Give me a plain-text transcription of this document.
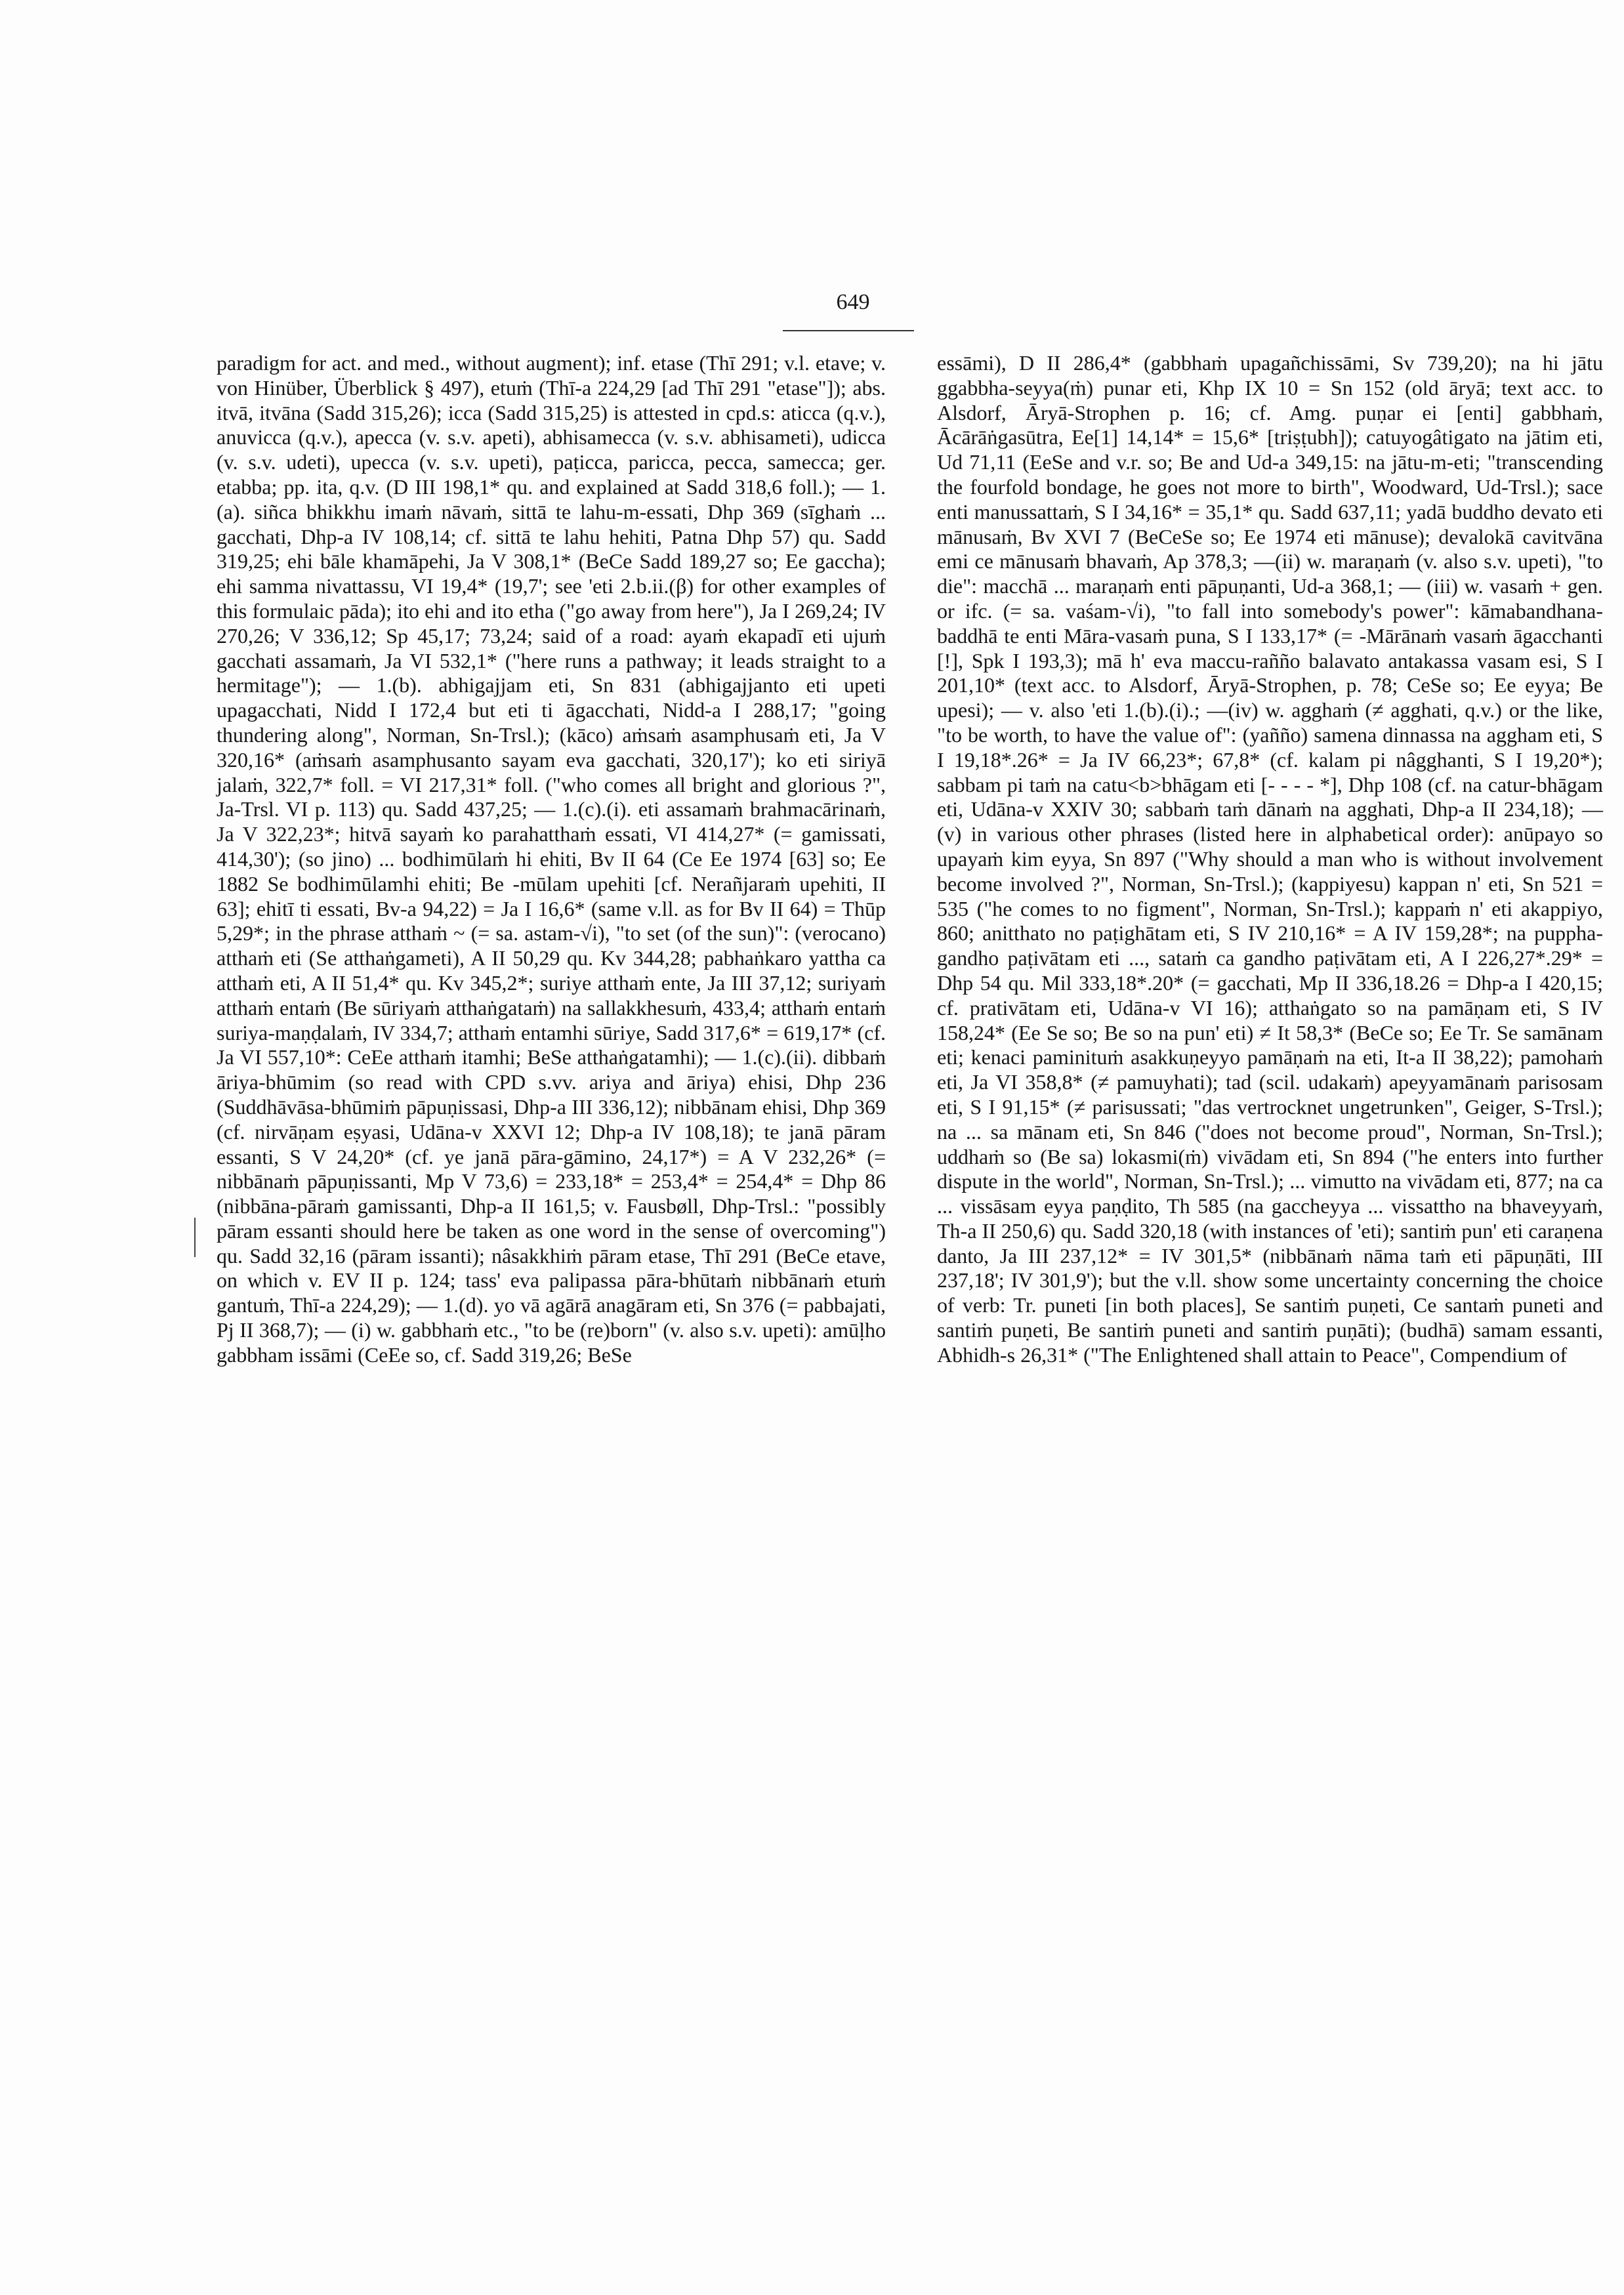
649
paradigm for act. and med., without augment); inf. etase (Thī 291; v.l. etave; v. von Hinüber, Überblick § 497), etuṁ (Thī-a 224,29 [ad Thī 291 "etase"]); abs. itvā, itvāna (Sadd 315,26); icca (Sadd 315,25) is attested in cpd.s: aticca (q.v.), anuvicca (q.v.), apecca (v. s.v. apeti), abhisamecca (v. s.v. abhisameti), udicca (v. s.v. udeti), upecca (v. s.v. upeti), paṭicca, paricca, pecca, samecca; ger. etabba; pp. ita, q.v. (D III 198,1* qu. and explained at Sadd 318,6 foll.); — 1.(a). siñca bhikkhu imaṁ nāvaṁ, sittā te lahu-m-essati, Dhp 369 (sīghaṁ ... gacchati, Dhp-a IV 108,14; cf. sittā te lahu hehiti, Patna Dhp 57) qu. Sadd 319,25; ehi bāle khamāpehi, Ja V 308,1* (BeCe Sadd 189,27 so; Ee gaccha); ehi samma nivattassu, VI 19,4* (19,7'; see 'eti 2.b.ii.(β) for other examples of this formulaic pāda); ito ehi and ito etha ("go away from here"), Ja I 269,24; IV 270,26; V 336,12; Sp 45,17; 73,24; said of a road: ayaṁ ekapadī eti ujuṁ gacchati assamaṁ, Ja VI 532,1* ("here runs a pathway; it leads straight to a hermitage"); — 1.(b). abhigajjam eti, Sn 831 (abhigajjanto eti upeti upagacchati, Nidd I 172,4 but eti ti āgacchati, Nidd-a I 288,17; "going thundering along", Norman, Sn-Trsl.); (kāco) aṁsaṁ asamphusaṁ eti, Ja V 320,16* (aṁsaṁ asamphusanto sayam eva gacchati, 320,17'); ko eti siriyā jalaṁ, 322,7* foll. = VI 217,31* foll. ("who comes all bright and glorious ?", Ja-Trsl. VI p. 113) qu. Sadd 437,25; — 1.(c).(i). eti assamaṁ brahmacārinaṁ, Ja V 322,23*; hitvā sayaṁ ko parahatthaṁ essati, VI 414,27* (= gamissati, 414,30'); (so jino) ... bodhimūlaṁ hi ehiti, Bv II 64 (Ce Ee 1974 [63] so; Ee 1882 Se bodhimūlamhi ehiti; Be -mūlam upehiti [cf. Nerañjaraṁ upehiti, II 63]; ehitī ti essati, Bv-a 94,22) = Ja I 16,6* (same v.ll. as for Bv II 64) = Thūp 5,29*; in the phrase atthaṁ ~ (= sa. astam-√i), "to set (of the sun)": (verocano) atthaṁ eti (Se atthaṅgameti), A II 50,29 qu. Kv 344,28; pabhaṅkaro yattha ca atthaṁ eti, A II 51,4* qu. Kv 345,2*; suriye atthaṁ ente, Ja III 37,12; suriyaṁ atthaṁ entaṁ (Be sūriyaṁ atthaṅgataṁ) na sallakkhesuṁ, 433,4; atthaṁ entaṁ suriya-maṇḍalaṁ, IV 334,7; atthaṁ entamhi sūriye, Sadd 317,6* = 619,17* (cf. Ja VI 557,10*: CeEe atthaṁ itamhi; BeSe atthaṅgatamhi); — 1.(c).(ii). dibbaṁ āriya-bhūmim (so read with CPD s.vv. ariya and āriya) ehisi, Dhp 236 (Suddhāvāsa-bhūmiṁ pāpuṇissasi, Dhp-a III 336,12); nibbānam ehisi, Dhp 369 (cf. nirvāṇam eṣyasi, Udāna-v XXVI 12; Dhp-a IV 108,18); te janā pāram essanti, S V 24,20* (cf. ye janā pāra-gāmino, 24,17*) = A V 232,26* (= nibbānaṁ pāpuṇissanti, Mp V 73,6) = 233,18* = 253,4* = 254,4* = Dhp 86 (nibbāna-pāraṁ gamissanti, Dhp-a II 161,5; v. Fausbøll, Dhp-Trsl.: "possibly pāram essanti should here be taken as one word in the sense of overcoming") qu. Sadd 32,16 (pāram issanti); nâsakkhiṁ pāram etase, Thī 291 (BeCe etave, on which v. EV II p. 124; tass' eva palipassa pāra-bhūtaṁ nibbānaṁ etuṁ gantuṁ, Thī-a 224,29); — 1.(d). yo vā agārā anagāram eti, Sn 376 (= pabbajati, Pj II 368,7); — (i) w. gabbhaṁ etc., "to be (re)born" (v. also s.v. upeti): amūḷho gabbham issāmi (CeEe so, cf. Sadd 319,26; BeSe
essāmi), D II 286,4* (gabbhaṁ upagañchissāmi, Sv 739,20); na hi jātu ggabbha-seyya(ṁ) punar eti, Khp IX 10 = Sn 152 (old āryā; text acc. to Alsdorf, Āryā-Strophen p. 16; cf. Amg. puṇar ei [enti] gabbhaṁ, Ācārāṅgasūtra, Ee[1] 14,14* = 15,6* [triṣṭubh]); catuyogâtigato na jātim eti, Ud 71,11 (EeSe and v.r. so; Be and Ud-a 349,15: na jātu-m-eti; "transcending the fourfold bondage, he goes not more to birth", Woodward, Ud-Trsl.); sace enti manussattaṁ, S I 34,16* = 35,1* qu. Sadd 637,11; yadā buddho devato eti mānusaṁ, Bv XVI 7 (BeCeSe so; Ee 1974 eti mānuse); devalokā cavitvāna emi ce mānusaṁ bhavaṁ, Ap 378,3; —(ii) w. maraṇaṁ (v. also s.v. upeti), "to die": macchā ... maraṇaṁ enti pāpuṇanti, Ud-a 368,1; — (iii) w. vasaṁ + gen. or ifc. (= sa. vaśam-√i), "to fall into somebody's power": kāmabandhana-baddhā te enti Māra-vasaṁ puna, S I 133,17* (= -Mārānaṁ vasaṁ āgacchanti [!], Spk I 193,3); mā h' eva maccu-rañño balavato antakassa vasam esi, S I 201,10* (text acc. to Alsdorf, Āryā-Strophen, p. 78; CeSe so; Ee eyya; Be upesi); — v. also 'eti 1.(b).(i).; —(iv) w. agghaṁ (≠ agghati, q.v.) or the like, "to be worth, to have the value of": (yañño) samena dinnassa na aggham eti, S I 19,18*.26* = Ja IV 66,23*; 67,8* (cf. kalam pi nâgghanti, S I 19,20*); sabbam pi taṁ na catu<b>bhāgam eti [- - - - *], Dhp 108 (cf. na catur-bhāgam eti, Udāna-v XXIV 30; sabbaṁ taṁ dānaṁ na agghati, Dhp-a II 234,18); — (v) in various other phrases (listed here in alphabetical order): anūpayo so upayaṁ kim eyya, Sn 897 ("Why should a man who is without involvement become involved ?", Norman, Sn-Trsl.); (kappiyesu) kappan n' eti, Sn 521 = 535 ("he comes to no figment", Norman, Sn-Trsl.); kappaṁ n' eti akappiyo, 860; anitthato no paṭighātam eti, S IV 210,16* = A IV 159,28*; na puppha-gandho paṭivātam eti ..., sataṁ ca gandho paṭivātam eti, A I 226,27*.29* = Dhp 54 qu. Mil 333,18*.20* (= gacchati, Mp II 336,18.26 = Dhp-a I 420,15; cf. prativātam eti, Udāna-v VI 16); atthaṅgato so na pamāṇam eti, S IV 158,24* (Ee Se so; Be so na pun' eti) ≠ It 58,3* (BeCe so; Ee Tr. Se samānam eti; kenaci paminituṁ asakkuṇeyyo pamāṇaṁ na eti, It-a II 38,22); pamohaṁ eti, Ja VI 358,8* (≠ pamuyhati); tad (scil. udakaṁ) apeyyamānaṁ parisosam eti, S I 91,15* (≠ parisussati; "das vertrocknet ungetrunken", Geiger, S-Trsl.); na ... sa mānam eti, Sn 846 ("does not become proud", Norman, Sn-Trsl.); uddhaṁ so (Be sa) lokasmi(ṁ) vivādam eti, Sn 894 ("he enters into further dispute in the world", Norman, Sn-Trsl.); ... vimutto na vivādam eti, 877; na ca ... vissāsam eyya paṇḍito, Th 585 (na gaccheyya ... vissattho na bhaveyyaṁ, Th-a II 250,6) qu. Sadd 320,18 (with instances of 'eti); santiṁ pun' eti caraṇena danto, Ja III 237,12* = IV 301,5* (nibbānaṁ nāma taṁ eti pāpuṇāti, III 237,18'; IV 301,9'); but the v.ll. show some uncertainty concerning the choice of verb: Tr. puneti [in both places], Se santiṁ puṇeti, Ce santaṁ puneti and santiṁ puṇeti, Be santiṁ puneti and santiṁ puṇāti); (budhā) samam essanti, Abhidh-s 26,31* ("The Enlightened shall attain to Peace", Compendium of
